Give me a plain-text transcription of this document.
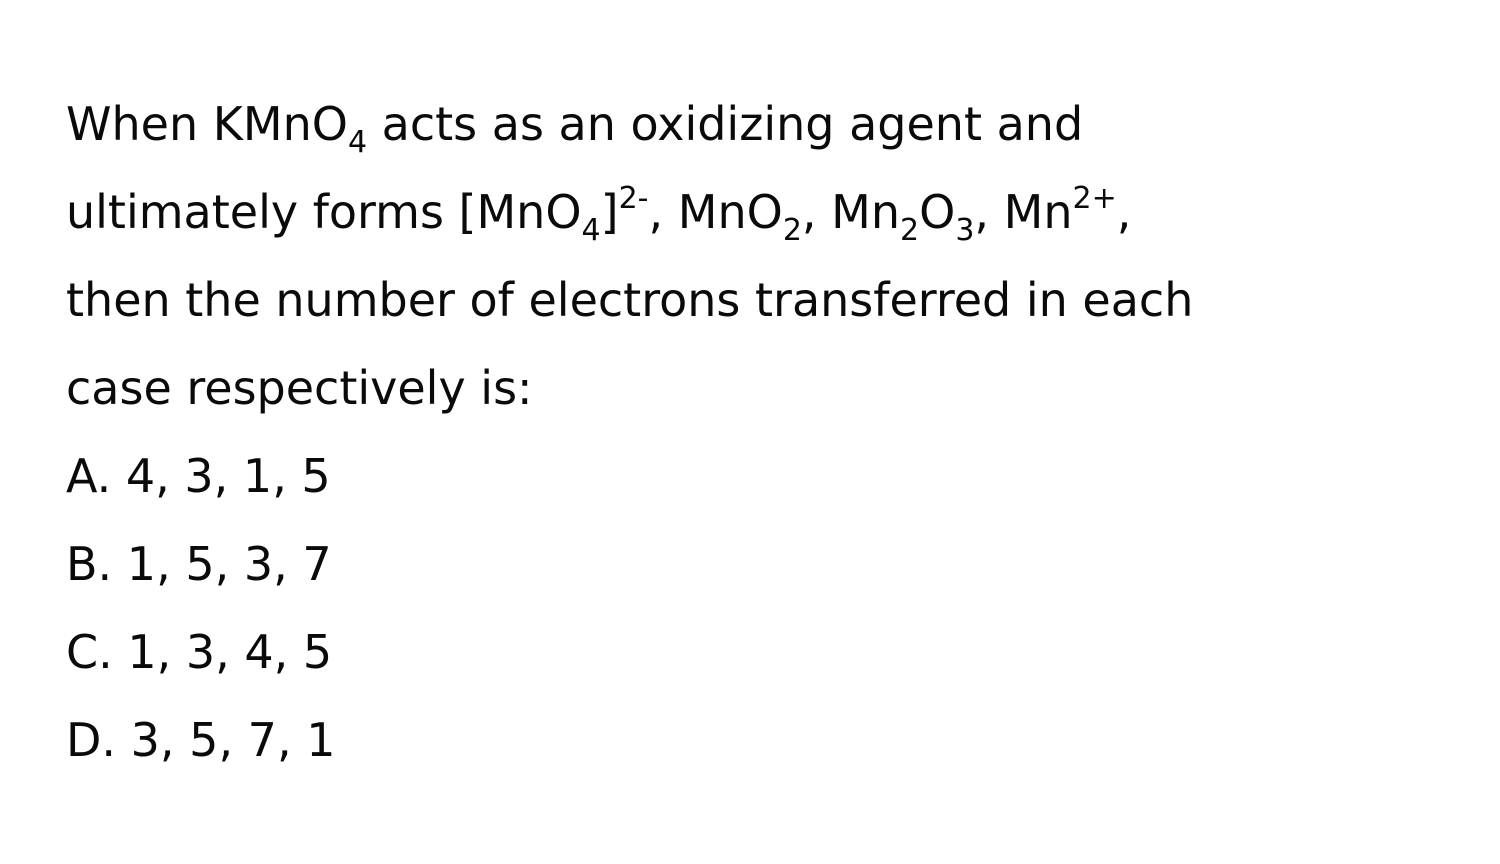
When KMnO$_4$ acts as an oxidizing agent and
ultimately forms $[MnO_4]^{2-}$, MnO$_2$, $Mn_2O_3$, $Mn^{2+}$,
then the number of electrons transferred in each
case respectively is:
A. 4, 3, 1, 5
B. 1, 5, 3, 7
C. 1, 3, 4, 5
D. 3, 5, 7, 1
